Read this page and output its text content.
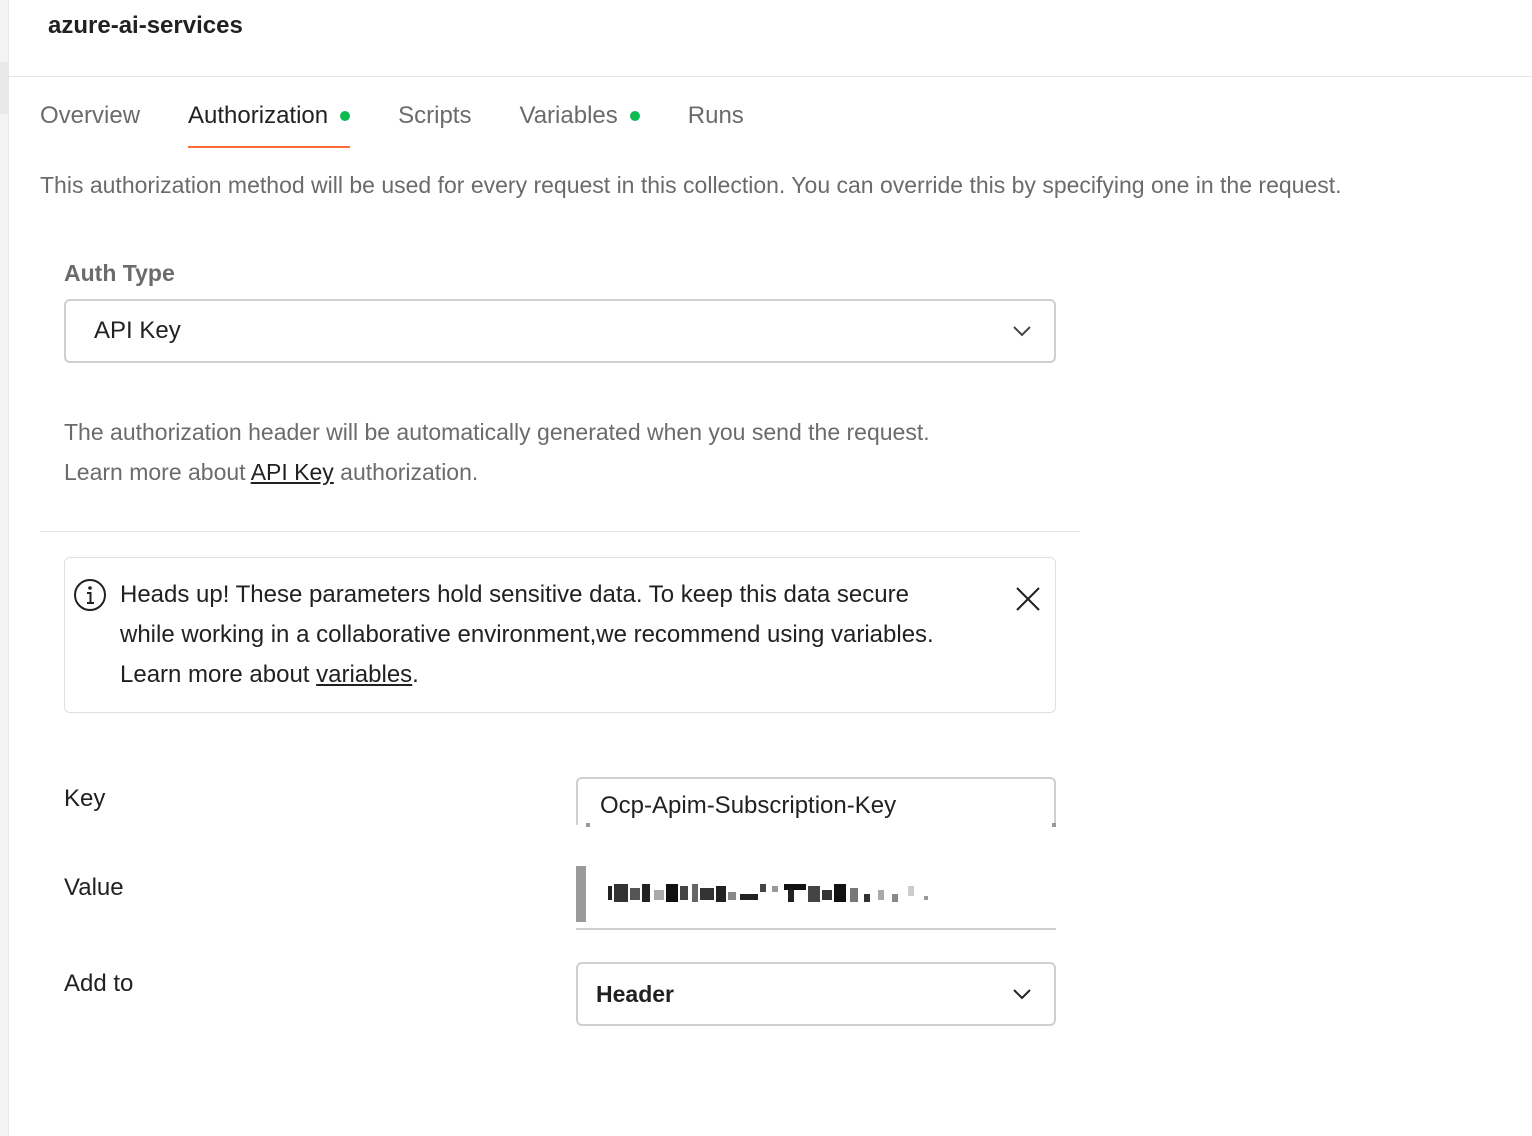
azure-ai-services
Overview Authorization	Scripts Variables	Runs
This authorization method will be used for every request in this collection. You can override this by specifying one in the request.
Auth Type
API Key
The authorization header will be automatically generated when you send the request.
Learn more about API Key authorization.
Heads up! These parameters hold sensitive data. To keep this data secure
while working in a collaborative environment,we recommend using variables.
Learn more about variables.
Key	Ocp-Apim-Subscription-Key
Value
Add to	Header
